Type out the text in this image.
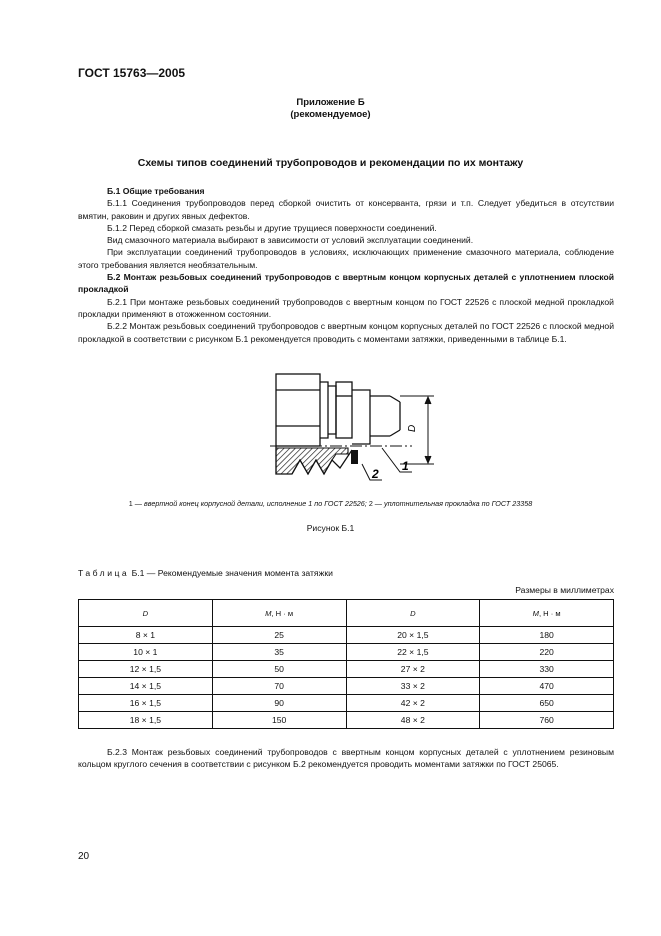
ГОСТ 15763—2005
Приложение Б
(рекомендуемое)
Схемы типов соединений трубопроводов и рекомендации по их монтажу

Б.1 Общие требования

Б.1.1 Соединения трубопроводов перед сборкой очистить от консерванта, грязи и т.п. Следует убедиться в отсутствии вмятин, раковин и других явных дефектов.

Б.1.2 Перед сборкой смазать резьбы и другие трущиеся поверхности соединений.

Вид смазочного материала выбирают в зависимости от условий эксплуатации соединений.

При эксплуатации соединений трубопроводов в условиях, исключающих применение смазочного материала, соблюдение этого требования является необязательным.

Б.2 Монтаж резьбовых соединений трубопроводов с ввертным концом корпусных деталей с уплотнением плоской прокладкой

Б.2.1 При монтаже резьбовых соединений трубопроводов с ввертным концом по ГОСТ 22526 с плоской медной прокладкой прокладки применяют в отожженном состоянии.

Б.2.2 Монтаж резьбовых соединений трубопроводов с ввертным концом корпусных деталей по ГОСТ 22526 с плоской медной прокладкой в соответствии с рисунком Б.1 рекомендуется проводить с моментами затяжки, приведенными в таблице Б.1.

D
2
1
1 — ввертной конец корпусной детали, исполнение 1 по ГОСТ 22526; 2 — уплотнительная прокладка по ГОСТ 23358
Рисунок Б.1
Таблица Б.1 — Рекомендуемые значения момента затяжки
Размеры в миллиметрах
D	М, Н · м	D	М, Н · м
8 × 1	25	20 × 1,5	180
10 × 1	35	22 × 1,5	220
12 × 1,5	50	27 × 2	330
14 × 1,5	70	33 × 2	470
16 × 1,5	90	42 × 2	650
18 × 1,5	150	48 × 2	760

Б.2.3 Монтаж резьбовых соединений трубопроводов с ввертным концом корпусных деталей с уплотнением резиновым кольцом круглого сечения в соответствии с рисунком Б.2 рекомендуется проводить моментами затяжки по ГОСТ 25065.

20
